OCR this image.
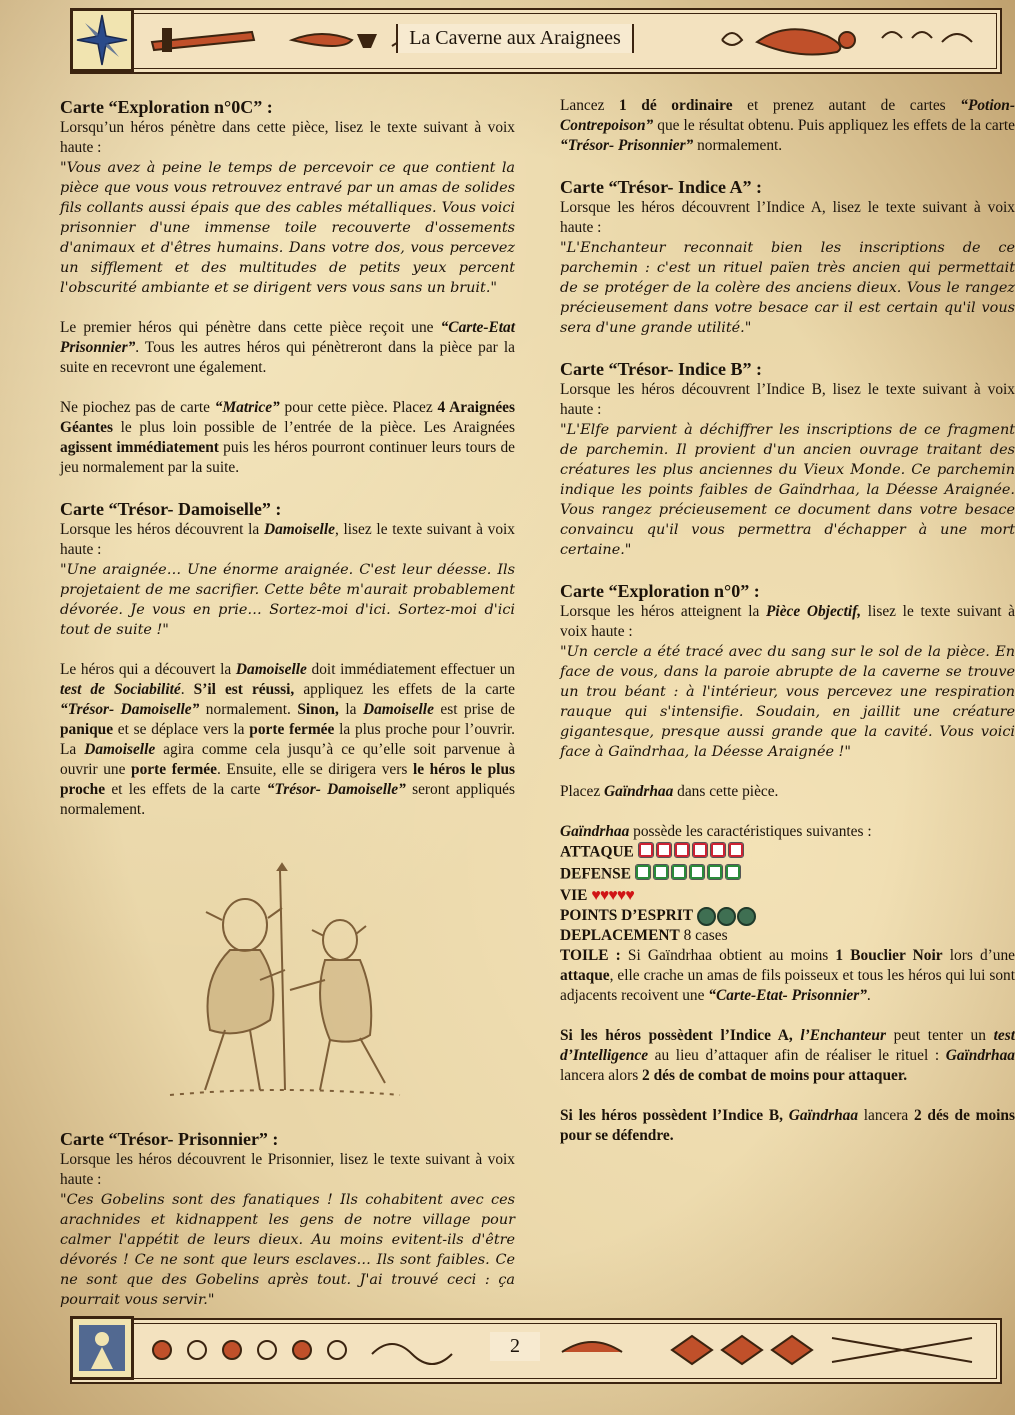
La Caverne aux Araignees

Carte “Exploration n°0C” :

Lorsqu’un héros pénètre dans cette pièce, lisez le texte suivant à voix haute :

"Vous avez à peine le temps de percevoir ce que contient la pièce que vous vous retrouvez entravé par un amas de solides fils collants aussi épais que des cables métalliques. Vous voici prisonnier d'une immense toile recouverte d'ossements d'animaux et d'êtres humains. Dans votre dos, vous percevez un sifflement et des multitudes de petits yeux percent l'obscurité ambiante et se dirigent vers vous sans un bruit."

Le premier héros qui pénètre dans cette pièce reçoit une “Carte-Etat Prisonnier”. Tous les autres héros qui pénètreront dans la pièce par la suite en recevront une également.

Ne piochez pas de carte “Matrice” pour cette pièce. Placez 4 Araignées Géantes le plus loin possible de l’entrée de la pièce. Les Araignées agissent immédiatement puis les héros pourront continuer leurs tours de jeu normalement par la suite.

Carte “Trésor- Damoiselle” :

Lorsque les héros découvrent la Damoiselle, lisez le texte suivant à voix haute :

"Une araignée… Une énorme araignée. C'est leur déesse. Ils projetaient de me sacrifier. Cette bête m'aurait probablement dévorée. Je vous en prie… Sortez-moi d'ici. Sortez-moi d'ici tout de suite !"

Le héros qui a découvert la Damoiselle doit immédiatement effectuer un test de Sociabilité. S’il est réussi, appliquez les effets de la carte “Trésor- Damoiselle” normalement. Sinon, la Damoiselle est prise de panique et se déplace vers la porte fermée la plus proche pour l’ouvrir. La Damoiselle agira comme cela jusqu’à ce qu’elle soit parvenue à ouvrir une porte fermée. Ensuite, elle se dirigera vers le héros le plus proche et les effets de la carte “Trésor- Damoiselle” seront appliqués normalement.

Carte “Trésor- Prisonnier” :

Lorsque les héros découvrent le Prisonnier, lisez le texte suivant à voix haute :

"Ces Gobelins sont des fanatiques ! Ils cohabitent avec ces arachnides et kidnappent les gens de notre village pour calmer l'appétit de leurs dieux. Au moins evitent-ils d'être dévorés ! Ce ne sont que leurs esclaves… Ils sont faibles. Ce ne sont que des Gobelins après tout. J'ai trouvé ceci : ça pourrait vous servir."

Lancez 1 dé ordinaire et prenez autant de cartes “Potion- Contrepoison” que le résultat obtenu. Puis appliquez les effets de la carte “Trésor- Prisonnier” normalement.

Carte “Trésor- Indice A” :

Lorsque les héros découvrent l’Indice A, lisez le texte suivant à voix haute :

"L'Enchanteur reconnait bien les inscriptions de ce parchemin : c'est un rituel païen très ancien qui permettait de se protéger de la colère des anciens dieux. Vous le rangez précieusement dans votre besace car il est certain qu'il vous sera d'une grande utilité."

Carte “Trésor- Indice B” :

Lorsque les héros découvrent l’Indice B, lisez le texte suivant à voix haute :

"L'Elfe parvient à déchiffrer les inscriptions de ce fragment de parchemin. Il provient d'un ancien ouvrage traitant des créatures les plus anciennes du Vieux Monde. Ce parchemin indique les points faibles de Gaïndrhaa, la Déesse Araignée. Vous rangez précieusement ce document dans votre besace convaincu qu'il vous permettra d'échapper à une mort certaine."

Carte “Exploration n°0” :

Lorsque les héros atteignent la Pièce Objectif, lisez le texte suivant à voix haute :

"Un cercle a été tracé avec du sang sur le sol de la pièce. En face de vous, dans la paroie abrupte de la caverne se trouve un trou béant : à l'intérieur, vous percevez une respiration rauque qui s'intensifie. Soudain, en jaillit une créature gigantesque, presque aussi grande que la cavité. Vous voici face à Gaïndrhaa, la Déesse Araignée !"

Placez Gaïndrhaa dans cette pièce.

Gaïndrhaa possède les caractéristiques suivantes :

ATTAQUE

DEFENSE

VIE ♥♥♥♥♥

POINTS D’ESPRIT

DEPLACEMENT 8 cases

TOILE : Si Gaïndrhaa obtient au moins 1 Bouclier Noir lors d’une attaque, elle crache un amas de fils poisseux et tous les héros qui lui sont adjacents recoivent une “Carte-Etat- Prisonnier”.

Si les héros possèdent l’Indice A, l’Enchanteur peut tenter un test d’Intelligence au lieu d’attaquer afin de réaliser le rituel : Gaïndrhaa lancera alors 2 dés de combat de moins pour attaquer.

Si les héros possèdent l’Indice B, Gaïndrhaa lancera 2 dés de moins pour se défendre.

2
